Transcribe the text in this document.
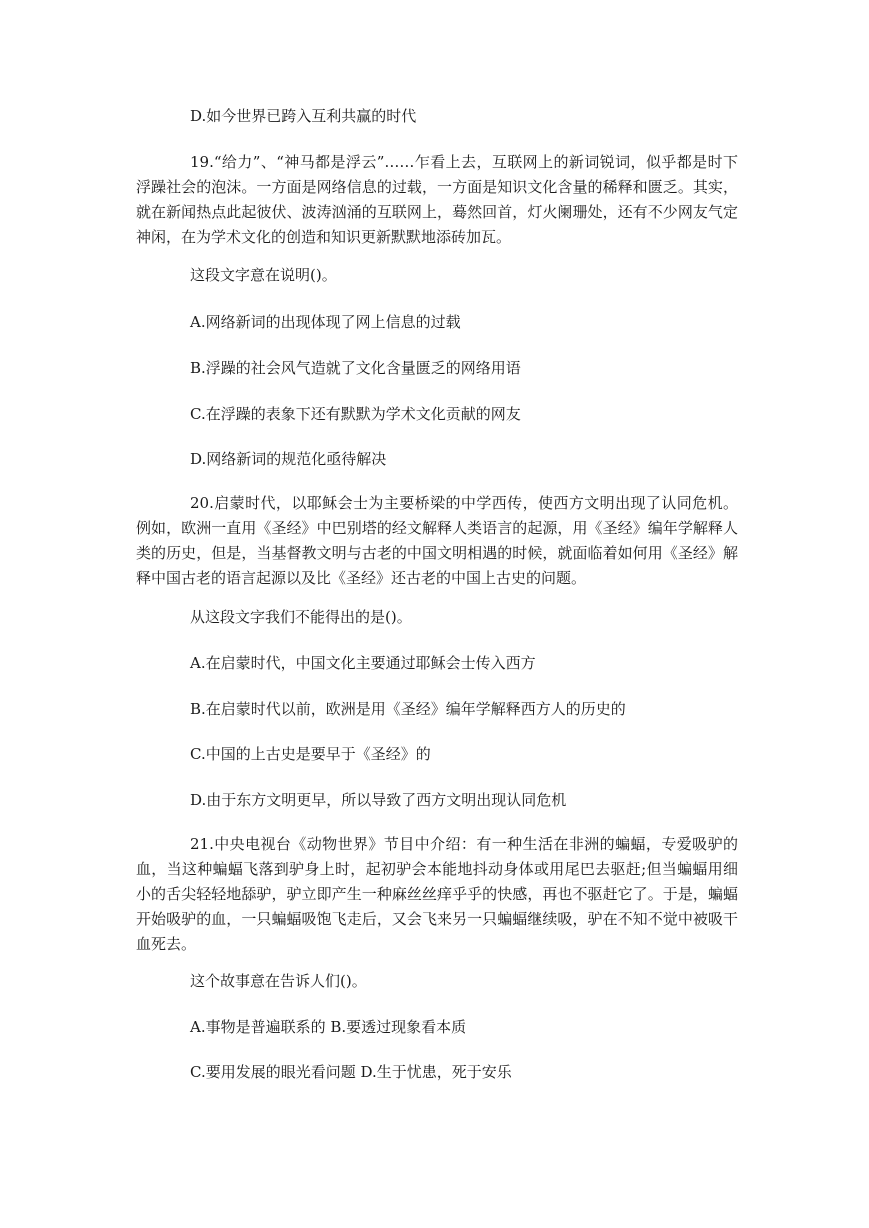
D.如今世界已跨入互利共赢的时代

19.“给力”、“神马都是浮云”……乍看上去，互联网上的新词锐词，似乎都是时下浮躁社会的泡沫。一方面是网络信息的过载，一方面是知识文化含量的稀释和匮乏。其实，就在新闻热点此起彼伏、波涛汹涌的互联网上，蓦然回首，灯火阑珊处，还有不少网友气定神闲，在为学术文化的创造和知识更新默默地添砖加瓦。

这段文字意在说明()。
A.网络新词的出现体现了网上信息的过载
B.浮躁的社会风气造就了文化含量匮乏的网络用语
C.在浮躁的表象下还有默默为学术文化贡献的网友
D.网络新词的规范化亟待解决

20.启蒙时代，以耶稣会士为主要桥梁的中学西传，使西方文明出现了认同危机。例如，欧洲一直用《圣经》中巴别塔的经文解释人类语言的起源，用《圣经》编年学解释人类的历史，但是，当基督教文明与古老的中国文明相遇的时候，就面临着如何用《圣经》解释中国古老的语言起源以及比《圣经》还古老的中国上古史的问题。

从这段文字我们不能得出的是()。
A.在启蒙时代，中国文化主要通过耶稣会士传入西方
B.在启蒙时代以前，欧洲是用《圣经》编年学解释西方人的历史的
C.中国的上古史是要早于《圣经》的
D.由于东方文明更早，所以导致了西方文明出现认同危机

21.中央电视台《动物世界》节目中介绍：有一种生活在非洲的蝙蝠，专爱吸驴的血，当这种蝙蝠飞落到驴身上时，起初驴会本能地抖动身体或用尾巴去驱赶;但当蝙蝠用细小的舌尖轻轻地舔驴，驴立即产生一种麻丝丝痒乎乎的快感，再也不驱赶它了。于是，蝙蝠开始吸驴的血，一只蝙蝠吸饱飞走后，又会飞来另一只蝙蝠继续吸，驴在不知不觉中被吸干血死去。

这个故事意在告诉人们()。
A.事物是普遍联系的 B.要透过现象看本质
C.要用发展的眼光看问题 D.生于忧患，死于安乐
